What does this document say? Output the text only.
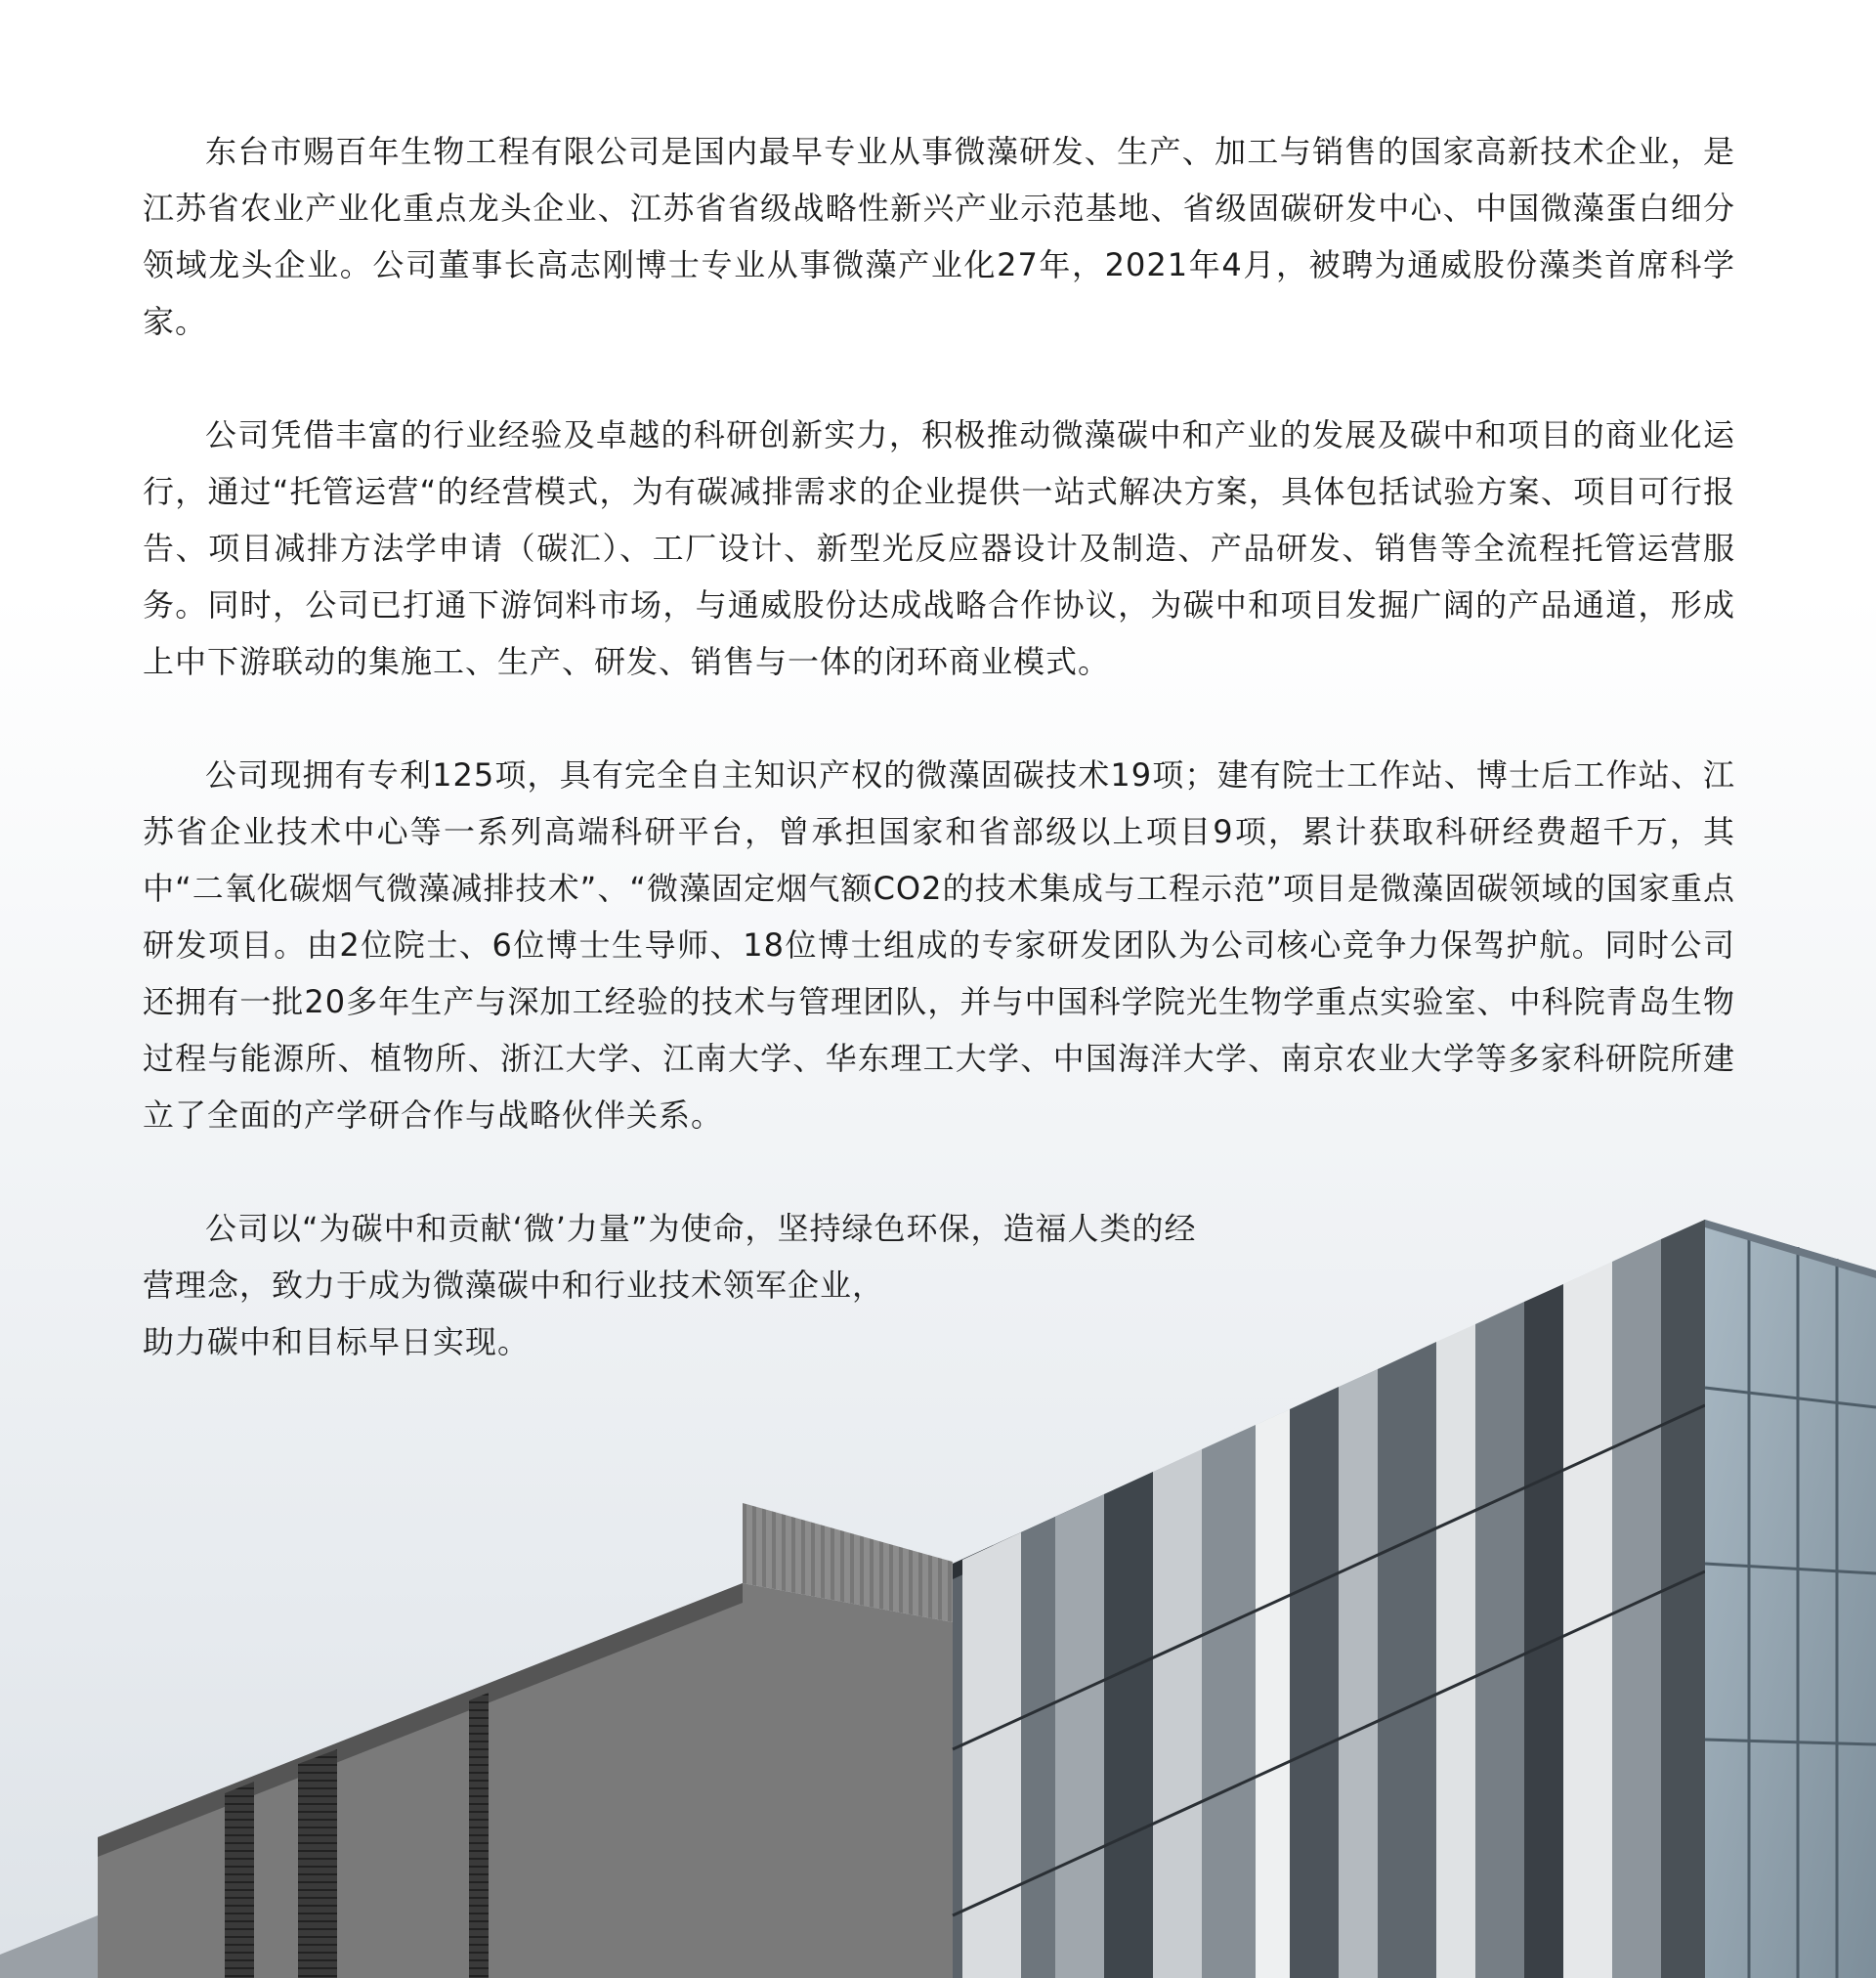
东台市赐百年生物工程有限公司是国内最早专业从事微藻研发、生产、加工与销售的国家高新技术企业，是江苏省农业产业化重点龙头企业、江苏省省级战略性新兴产业示范基地、省级固碳研发中心、中国微藻蛋白细分领域龙头企业。公司董事长高志刚博士专业从事微藻产业化27年，2021年4月，被聘为通威股份藻类首席科学家。

公司凭借丰富的行业经验及卓越的科研创新实力，积极推动微藻碳中和产业的发展及碳中和项目的商业化运行，通过“托管运营“的经营模式，为有碳减排需求的企业提供一站式解决方案，具体包括试验方案、项目可行报告、项目减排方法学申请（碳汇）、工厂设计、新型光反应器设计及制造、产品研发、销售等全流程托管运营服务。同时，公司已打通下游饲料市场，与通威股份达成战略合作协议，为碳中和项目发掘广阔的产品通道，形成上中下游联动的集施工、生产、研发、销售与一体的闭环商业模式。

公司现拥有专利125项，具有完全自主知识产权的微藻固碳技术19项；建有院士工作站、博士后工作站、江苏省企业技术中心等一系列高端科研平台，曾承担国家和省部级以上项目9项，累计获取科研经费超千万，其中“二氧化碳烟气微藻减排技术”、“微藻固定烟气额CO2的技术集成与工程示范”项目是微藻固碳领域的国家重点研发项目。由2位院士、6位博士生导师、18位博士组成的专家研发团队为公司核心竞争力保驾护航。同时公司还拥有一批20多年生产与深加工经验的技术与管理团队，并与中国科学院光生物学重点实验室、中科院青岛生物过程与能源所、植物所、浙江大学、江南大学、华东理工大学、中国海洋大学、南京农业大学等多家科研院所建立了全面的产学研合作与战略伙伴关系。

公司以“为碳中和贡献‘微’力量”为使命，坚持绿色环保，造福人类的经
营理念，致力于成为微藻碳中和行业技术领军企业，
助力碳中和目标早日实现。
